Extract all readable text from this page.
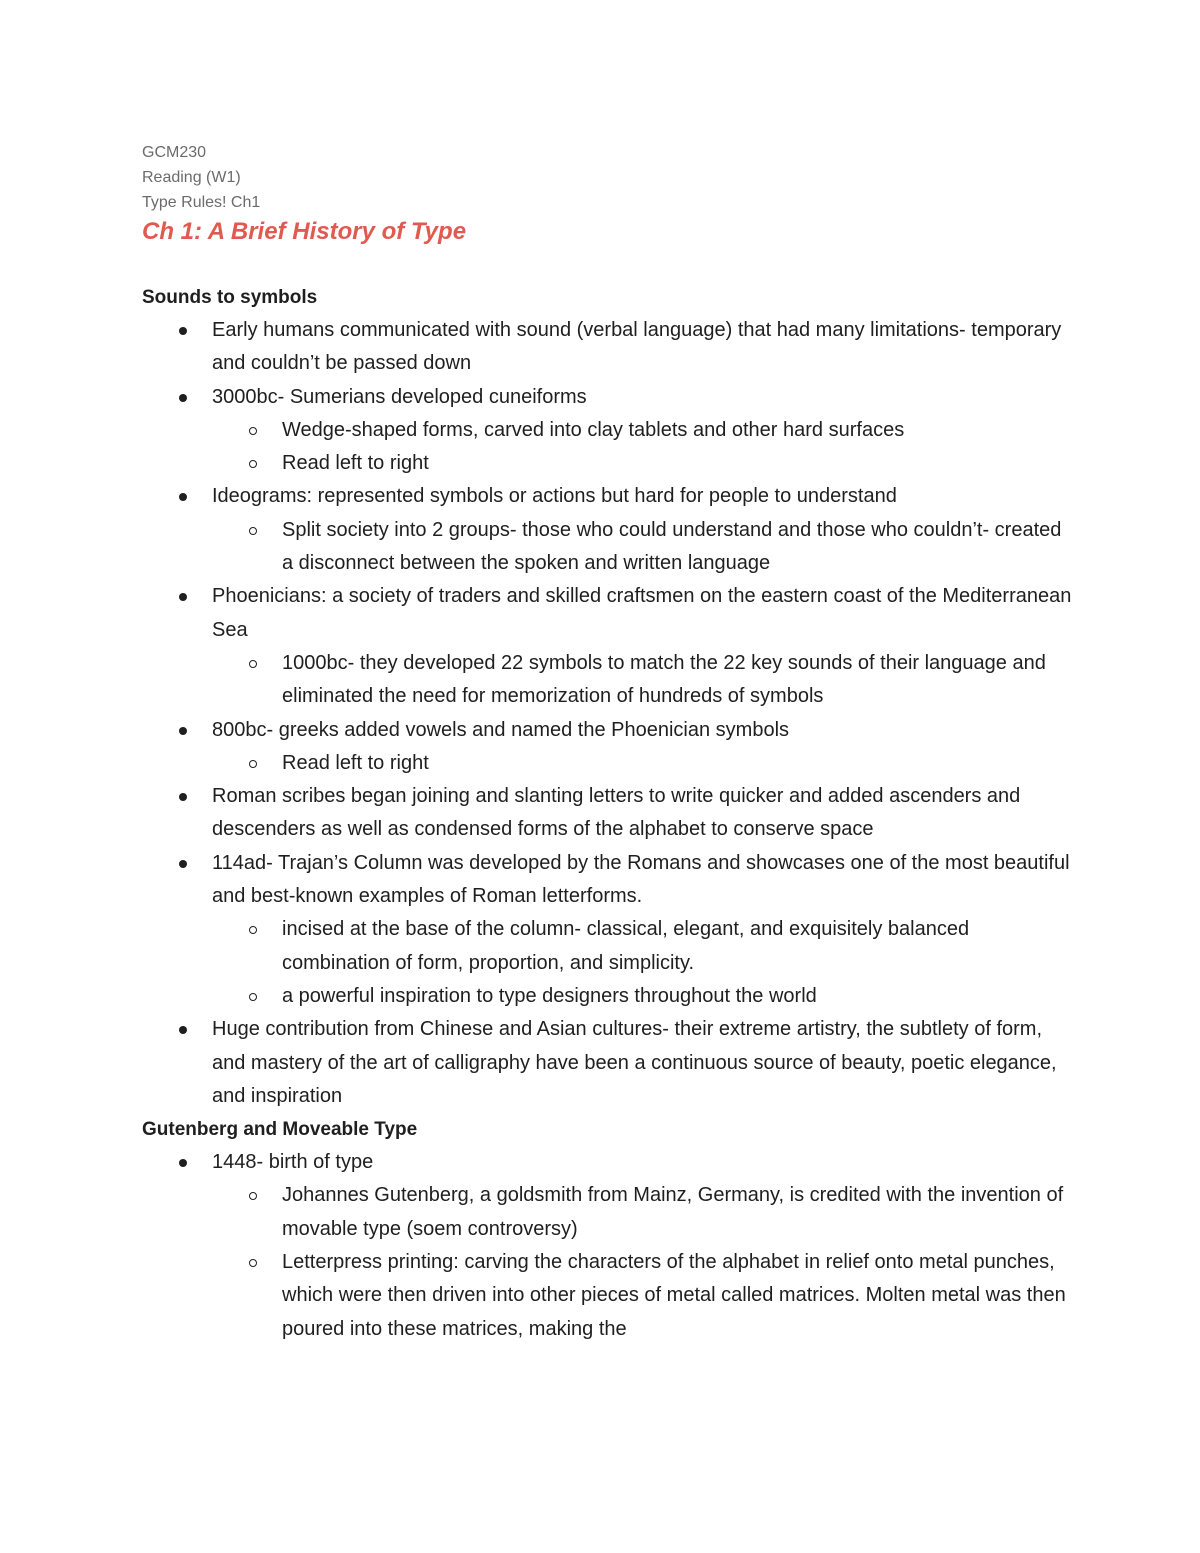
GCM230

Reading (W1)

Type Rules! Ch1

Ch 1: A Brief History of Type
Sounds to symbols
Early humans communicated with sound (verbal language) that had many limitations- temporary and couldn’t be passed down
3000bc- Sumerians developed cuneiforms
Wedge-shaped forms, carved into clay tablets and other hard surfaces
Read left to right
Ideograms: represented symbols or actions but hard for people to understand
Split society into 2 groups- those who could understand and those who couldn’t- created a disconnect between the spoken and written language
Phoenicians: a society of traders and skilled craftsmen on the eastern coast of the Mediterranean Sea
1000bc- they developed 22 symbols to match the 22 key sounds of their language and eliminated the need for memorization of hundreds of symbols
800bc- greeks added vowels and named the Phoenician symbols
Read left to right
Roman scribes began joining and slanting letters to write quicker and added ascenders and descenders as well as condensed forms of the alphabet to conserve space
114ad- Trajan’s Column was developed by the Romans and showcases one of the most beautiful and best-known examples of Roman letterforms.
incised at the base of the column- classical, elegant, and exquisitely balanced combination of form, proportion, and simplicity.
a powerful inspiration to type designers throughout the world
Huge contribution from Chinese and Asian cultures- their extreme artistry, the subtlety of form, and mastery of the art of calligraphy have been a continuous source of beauty, poetic elegance, and inspiration
Gutenberg and Moveable Type
1448- birth of type
Johannes Gutenberg, a goldsmith from Mainz, Germany, is credited with the invention of movable type (soem controversy)
Letterpress printing: carving the characters of the alphabet in relief onto metal punches, which were then driven into other pieces of metal called matrices. Molten metal was then poured into these matrices, making the
